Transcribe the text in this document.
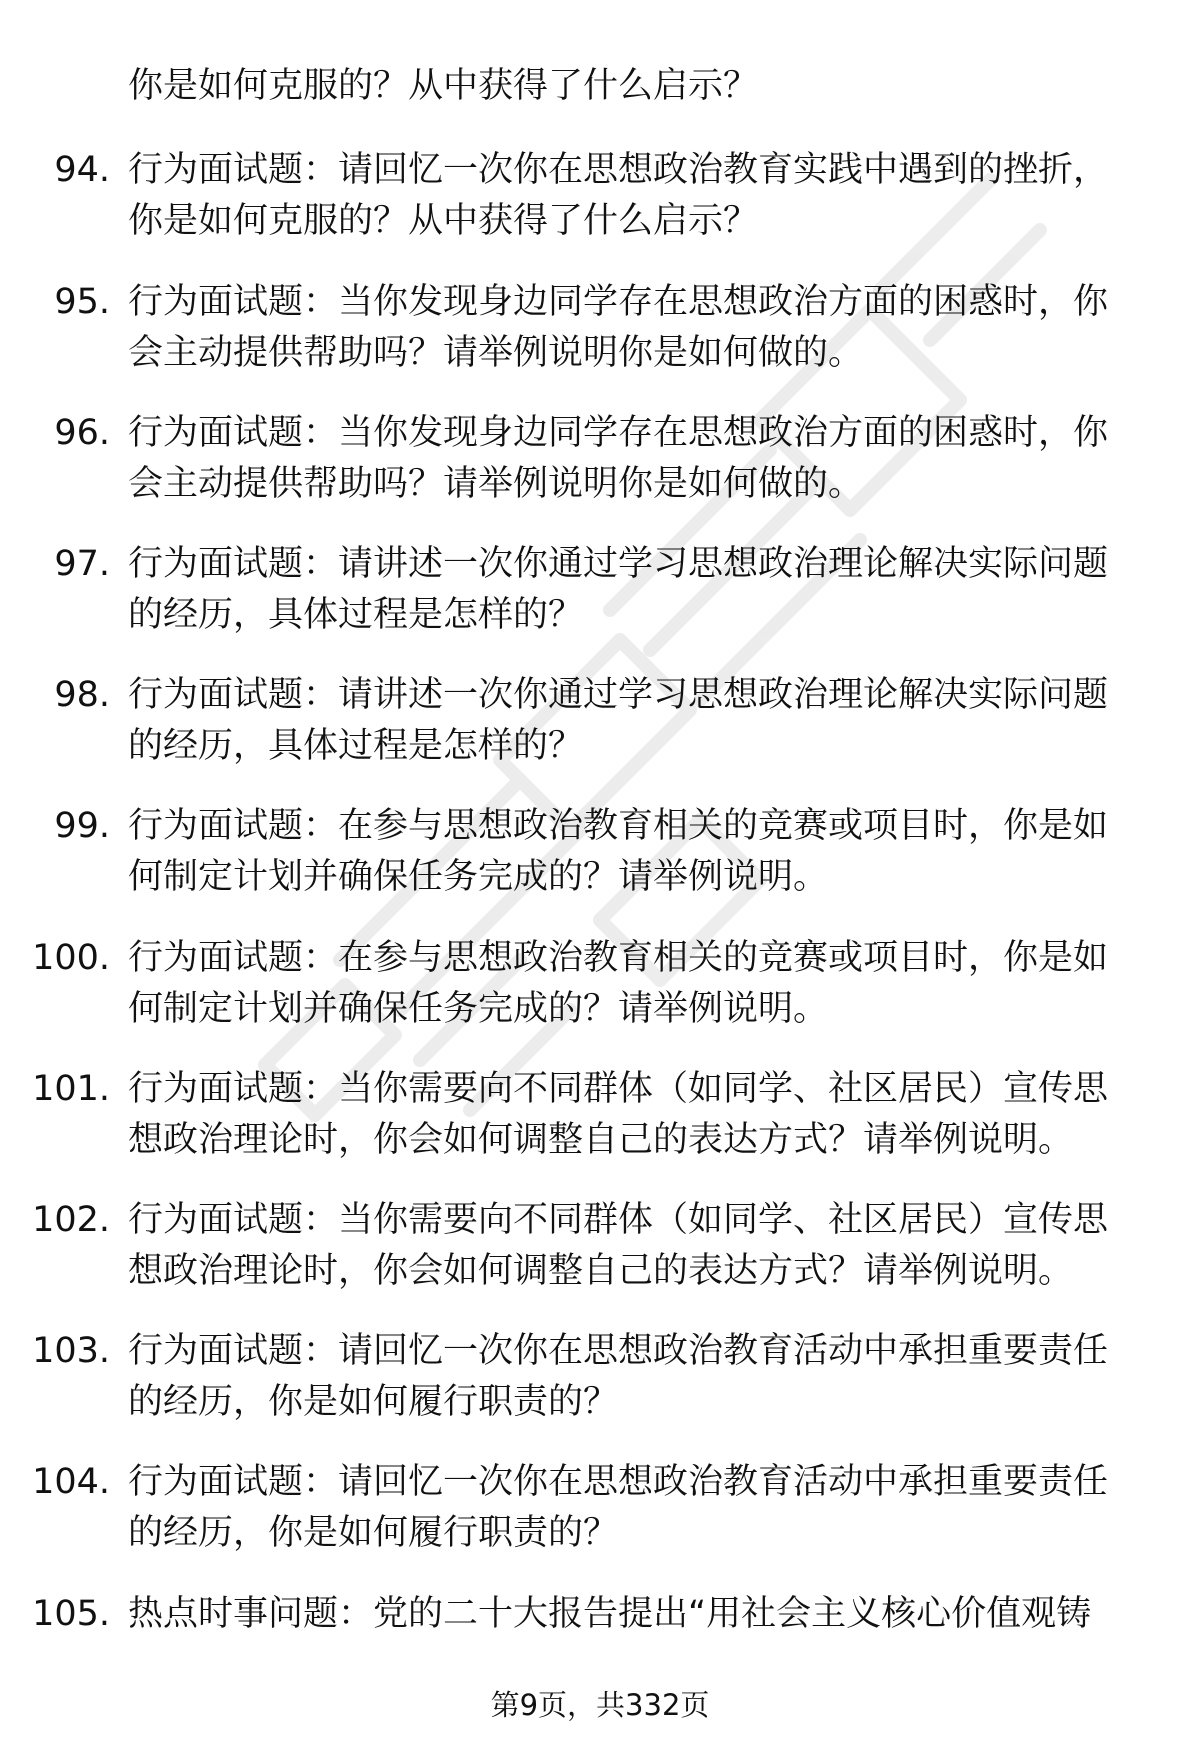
你是如何克服的？从中获得了什么启示？
94. 行为面试题：请回忆一次你在思想政治教育实践中遇到的挫折，
你是如何克服的？从中获得了什么启示？
95. 行为面试题：当你发现身边同学存在思想政治方面的困惑时，你
会主动提供帮助吗？请举例说明你是如何做的。
96. 行为面试题：当你发现身边同学存在思想政治方面的困惑时，你
会主动提供帮助吗？请举例说明你是如何做的。
97. 行为面试题：请讲述一次你通过学习思想政治理论解决实际问题
的经历，具体过程是怎样的？
98. 行为面试题：请讲述一次你通过学习思想政治理论解决实际问题
的经历，具体过程是怎样的？
99. 行为面试题：在参与思想政治教育相关的竞赛或项目时，你是如
何制定计划并确保任务完成的？请举例说明。
100. 行为面试题：在参与思想政治教育相关的竞赛或项目时，你是如
何制定计划并确保任务完成的？请举例说明。
101. 行为面试题：当你需要向不同群体（如同学、社区居民）宣传思
想政治理论时，你会如何调整自己的表达方式？请举例说明。
102. 行为面试题：当你需要向不同群体（如同学、社区居民）宣传思
想政治理论时，你会如何调整自己的表达方式？请举例说明。
103. 行为面试题：请回忆一次你在思想政治教育活动中承担重要责任
的经历，你是如何履行职责的？
104. 行为面试题：请回忆一次你在思想政治教育活动中承担重要责任
的经历，你是如何履行职责的？
105. 热点时事问题：党的二十大报告提出“用社会主义核心价值观铸
第9页，共332页
